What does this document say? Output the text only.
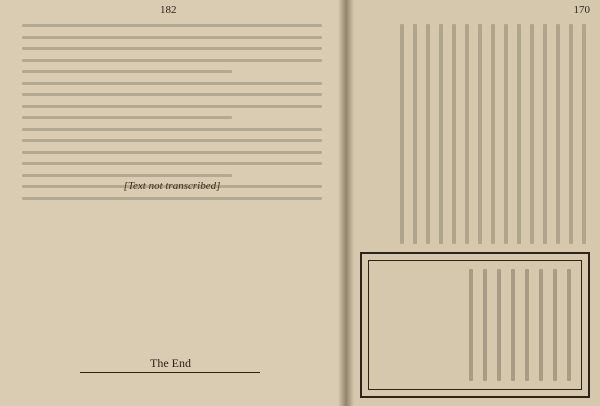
182
[Text not transcribed]
The End
170
